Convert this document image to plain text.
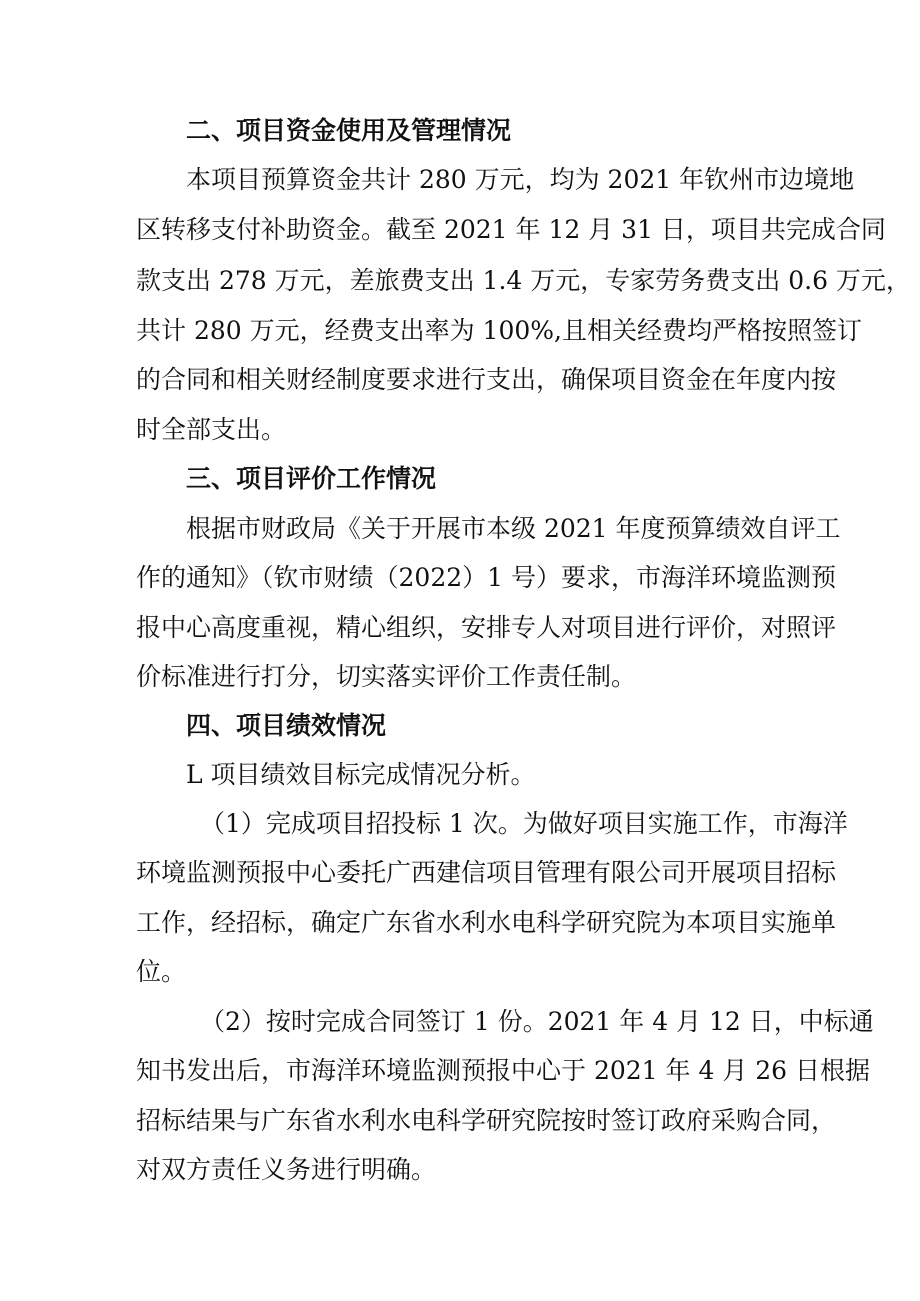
二、项目资金使用及管理情况
本项目预算资金共计 280 万元，均为 2021 年钦州市边境地
区转移支付补助资金。截至 2021 年 12 月 31 日，项目共完成合同
款支出 278 万元，差旅费支出 1.4 万元，专家劳务费支出 0.6 万元，
共计 280 万元，经费支出率为 100%,且相关经费均严格按照签订
的合同和相关财经制度要求进行支出，确保项目资金在年度内按
时全部支出。
三、项目评价工作情况
根据市财政局《关于开展市本级 2021 年度预算绩效自评工
作的通知》（钦市财绩（2022）1 号）要求，市海洋环境监测预
报中心高度重视，精心组织，安排专人对项目进行评价，对照评
价标准进行打分，切实落实评价工作责任制。
四、项目绩效情况
L 项目绩效目标完成情况分析。
（1）完成项目招投标 1 次。为做好项目实施工作，市海洋
环境监测预报中心委托广西建信项目管理有限公司开展项目招标
工作，经招标，确定广东省水利水电科学研究院为本项目实施单
位。
（2）按时完成合同签订 1 份。2021 年 4 月 12 日，中标通
知书发出后，市海洋环境监测预报中心于 2021 年 4 月 26 日根据
招标结果与广东省水利水电科学研究院按时签订政府采购合同，
对双方责任义务进行明确。
